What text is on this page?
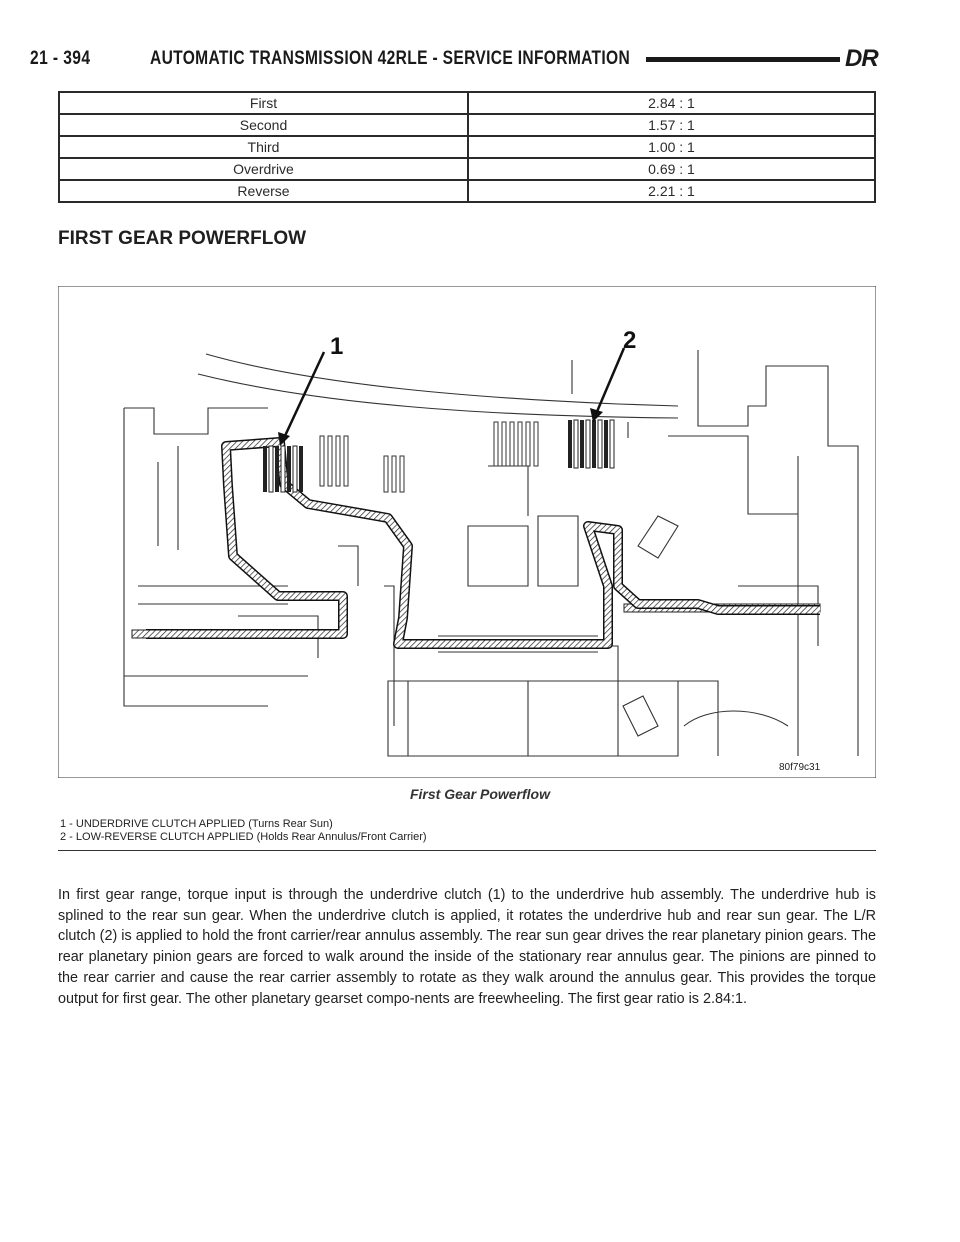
21 - 394	AUTOMATIC TRANSMISSION 42RLE - SERVICE INFORMATION	DR
First	2.84 : 1
Second	1.57 : 1
Third	1.00 : 1
Overdrive	0.69 : 1
Reverse	2.21 : 1
FIRST GEAR POWERFLOW
1	2
80f79c31
First Gear Powerflow
1 - UNDERDRIVE CLUTCH APPLIED (Turns Rear Sun)
2 - LOW-REVERSE CLUTCH APPLIED (Holds Rear Annulus/Front Carrier)
In first gear range, torque input is through the underdrive clutch (1) to the underdrive hub assembly. The underdrive hub is splined to the rear sun gear. When the underdrive clutch is applied, it rotates the underdrive hub and rear sun gear. The L/R clutch (2) is applied to hold the front carrier/rear annulus assembly. The rear sun gear drives the rear planetary pinion gears. The rear planetary pinion gears are forced to walk around the inside of the stationary rear annulus gear. The pinions are pinned to the rear carrier and cause the rear carrier assembly to rotate as they walk around the annulus gear. This provides the torque output for first gear. The other planetary gearset compo-nents are freewheeling. The first gear ratio is 2.84:1.
